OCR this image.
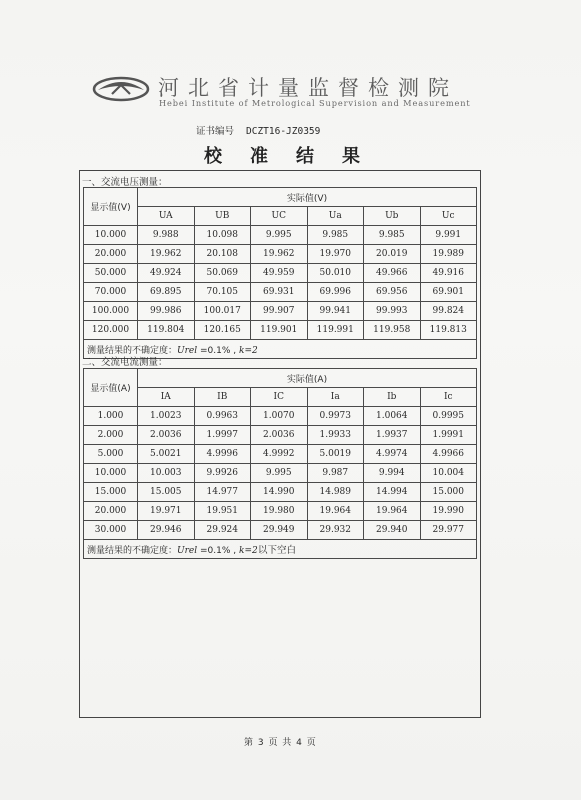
河北省计量监督检测院
Hebei Institute of Metrological Supervision and Measurement
证书编号 DCZT16-JZ0359
校准结果
一、交流电压测量：
显示值(V)	实际值(V)					
	UA	UB	UC	Ua	Ub	Uc
10.000	9.988	10.098	9.995	9.985	9.985	9.991
20.000	19.962	20.108	19.962	19.970	20.019	19.989
50.000	49.924	50.069	49.959	50.010	49.966	49.916
70.000	69.895	70.105	69.931	69.996	69.956	69.901
100.000	99.986	100.017	99.907	99.941	99.993	99.824
120.000	119.804	120.165	119.901	119.991	119.958	119.813
测量结果的不确定度：Urel =0.1% , k=2						
二、交流电流测量：
显示值(A)	实际值(A)					
	IA	IB	IC	Ia	Ib	Ic
1.000	1.0023	0.9963	1.0070	0.9973	1.0064	0.9995
2.000	2.0036	1.9997	2.0036	1.9933	1.9937	1.9991
5.000	5.0021	4.9996	4.9992	5.0019	4.9974	4.9966
10.000	10.003	9.9926	9.995	9.987	9.994	10.004
15.000	15.005	14.977	14.990	14.989	14.994	15.000
20.000	19.971	19.951	19.980	19.964	19.964	19.990
30.000	29.946	29.924	29.949	29.932	29.940	29.977
测量结果的不确定度：Urel =0.1% , k=2						以下空白
第 3 页 共 4 页
